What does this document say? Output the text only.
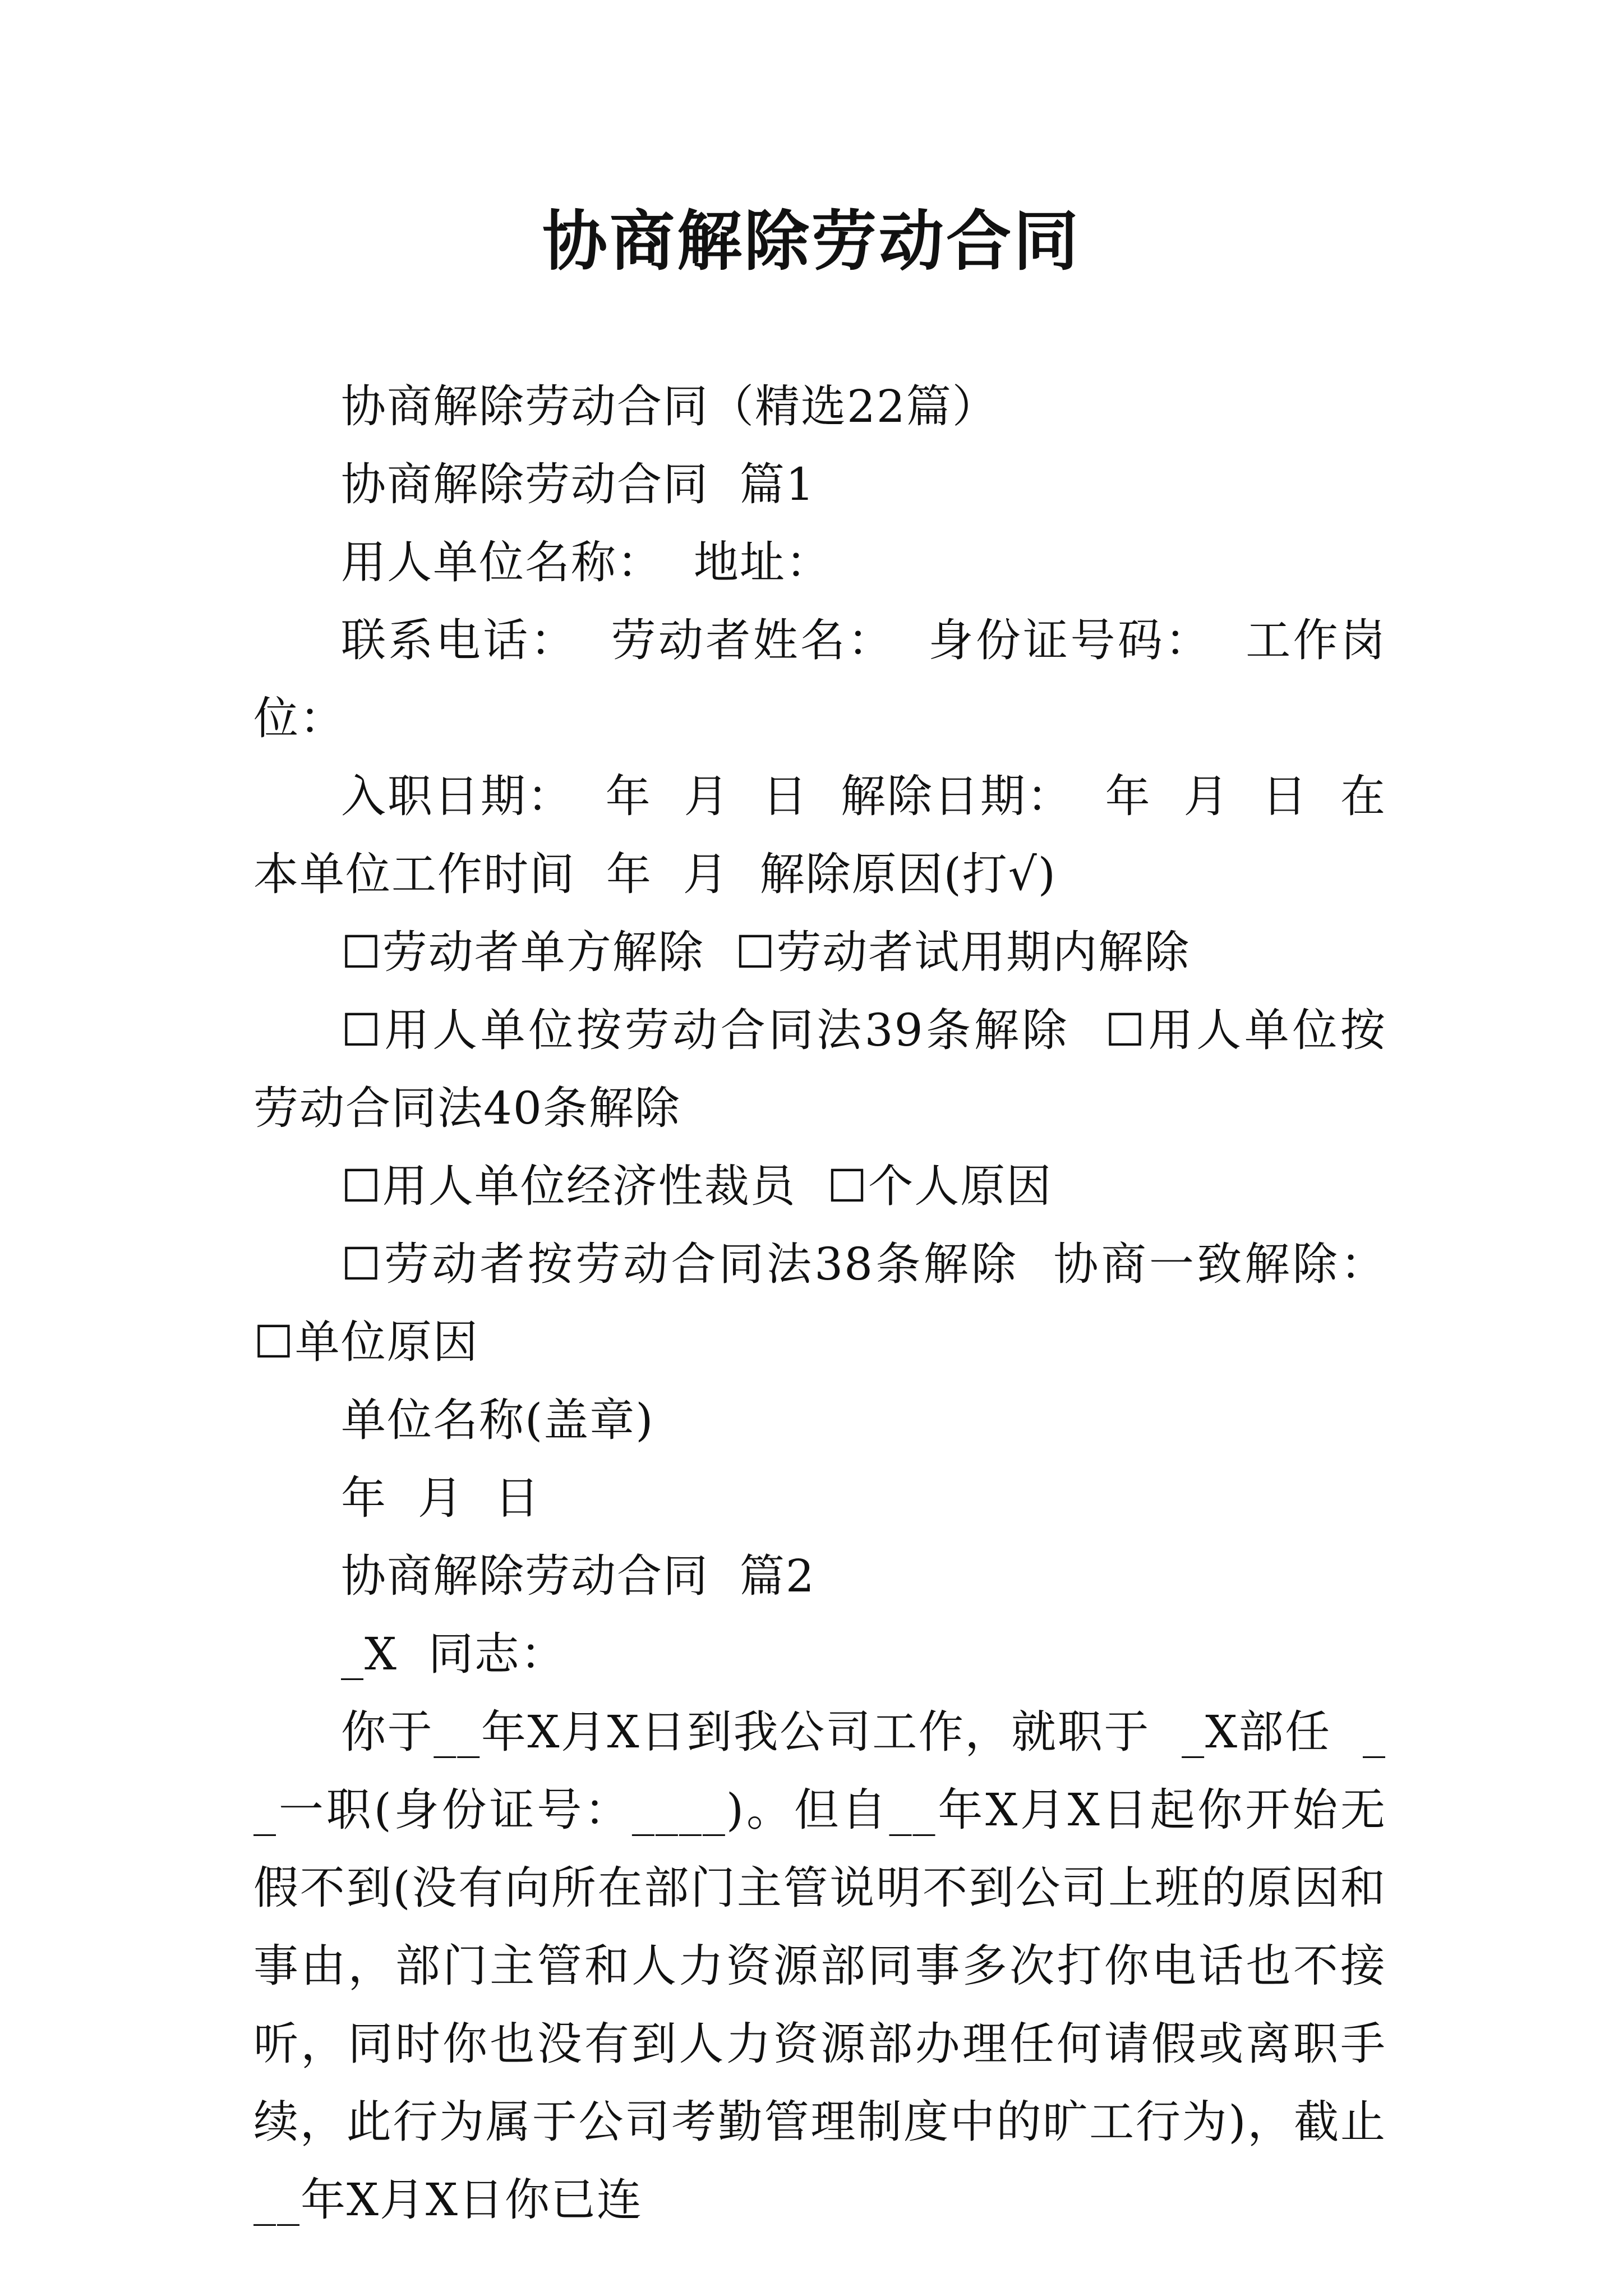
协商解除劳动合同

协商解除劳动合同（精选22篇）

协商解除劳动合同  篇1

用人单位名称：  地址：

联系电话：  劳动者姓名：  身份证号码：  工作岗位：

入职日期：  年  月  日  解除日期：  年  月  日  在本单位工作时间  年  月  解除原因(打√)

☐劳动者单方解除  ☐劳动者试用期内解除

☐用人单位按劳动合同法39条解除  ☐用人单位按劳动合同法40条解除

☐用人单位经济性裁员  ☐个人原因

☐劳动者按劳动合同法38条解除  协商一致解除：☐单位原因

单位名称(盖章)

年  月  日

协商解除劳动合同  篇2

_X  同志：

你于__年X月X日到我公司工作，就职于  _X部任  __一职(身份证号：____)。但自__年X月X日起你开始无假不到(没有向所在部门主管说明不到公司上班的原因和事由，部门主管和人力资源部同事多次打你电话也不接听，同时你也没有到人力资源部办理任何请假或离职手续，此行为属于公司考勤管理制度中的旷工行为)，截止__年X月X日你已连
